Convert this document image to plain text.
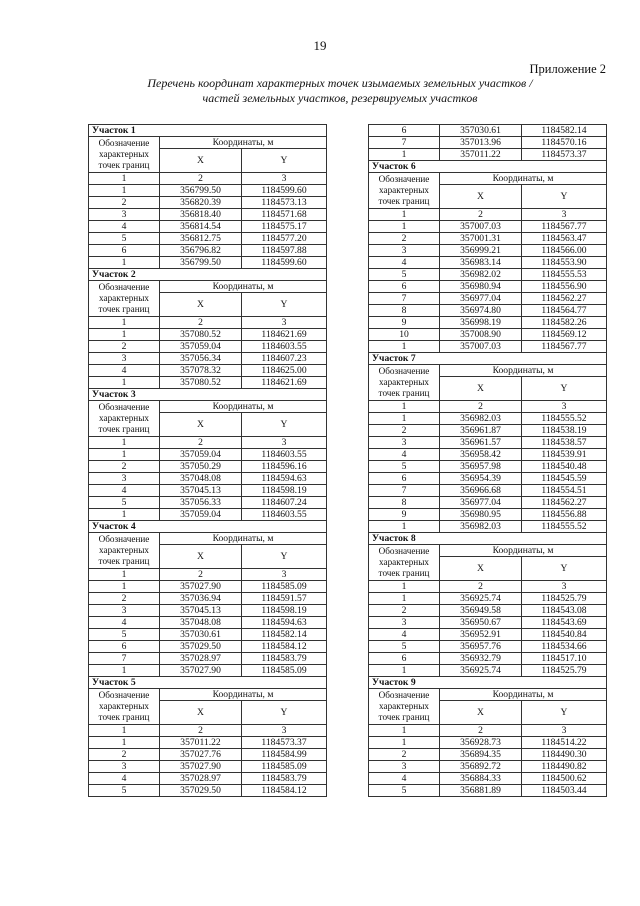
19
Приложение 2
Перечень координат характерных точек изымаемых земельных участков /
частей земельных участков, резервируемых участков
Участок 1		

Обозначение
характерных
точек границ	Координаты, м	
	X	Y
1	2	3
1	356799.50	1184599.60
2	356820.39	1184573.13
3	356818.40	1184571.68
4	356814.54	1184575.17
5	356812.75	1184577.20
6	356796.82	1184597.88
1	356799.50	1184599.60
Участок 2		

Обозначение
характерных
точек границ	Координаты, м	
	X	Y
1	2	3
1	357080.52	1184621.69
2	357059.04	1184603.55
3	357056.34	1184607.23
4	357078.32	1184625.00
1	357080.52	1184621.69
Участок 3		

Обозначение
характерных
точек границ	Координаты, м	
	X	Y
1	2	3
1	357059.04	1184603.55
2	357050.29	1184596.16
3	357048.08	1184594.63
4	357045.13	1184598.19
5	357056.33	1184607.24
1	357059.04	1184603.55
Участок 4		

Обозначение
характерных
точек границ	Координаты, м	
	X	Y
1	2	3
1	357027.90	1184585.09
2	357036.94	1184591.57
3	357045.13	1184598.19
4	357048.08	1184594.63
5	357030.61	1184582.14
6	357029.50	1184584.12
7	357028.97	1184583.79
1	357027.90	1184585.09
Участок 5		

Обозначение
характерных
точек границ	Координаты, м	
	X	Y
1	2	3
1	357011.22	1184573.37
2	357027.76	1184584.99
3	357027.90	1184585.09
4	357028.97	1184583.79
5	357029.50	1184584.12
6	357030.61	1184582.14
7	357013.96	1184570.16
1	357011.22	1184573.37
Участок 6		

Обозначение
характерных
точек границ	Координаты, м	
	X	Y
1	2	3
1	357007.03	1184567.77
2	357001.31	1184563.47
3	356999.21	1184566.00
4	356983.14	1184553.90
5	356982.02	1184555.53
6	356980.94	1184556.90
7	356977.04	1184562.27
8	356974.80	1184564.77
9	356998.19	1184582.26
10	357008.90	1184569.12
1	357007.03	1184567.77
Участок 7		

Обозначение
характерных
точек границ	Координаты, м	
	X	Y
1	2	3
1	356982.03	1184555.52
2	356961.87	1184538.19
3	356961.57	1184538.57
4	356958.42	1184539.91
5	356957.98	1184540.48
6	356954.39	1184545.59
7	356966.68	1184554.51
8	356977.04	1184562.27
9	356980.95	1184556.88
1	356982.03	1184555.52
Участок 8		

Обозначение
характерных
точек границ	Координаты, м	
	X	Y
1	2	3
1	356925.74	1184525.79
2	356949.58	1184543.08
3	356950.67	1184543.69
4	356952.91	1184540.84
5	356957.76	1184534.66
6	356932.79	1184517.10
1	356925.74	1184525.79
Участок 9		

Обозначение
характерных
точек границ	Координаты, м	
	X	Y
1	2	3
1	356928.73	1184514.22
2	356894.35	1184490.30
3	356892.72	1184490.82
4	356884.33	1184500.62
5	356881.89	1184503.44
